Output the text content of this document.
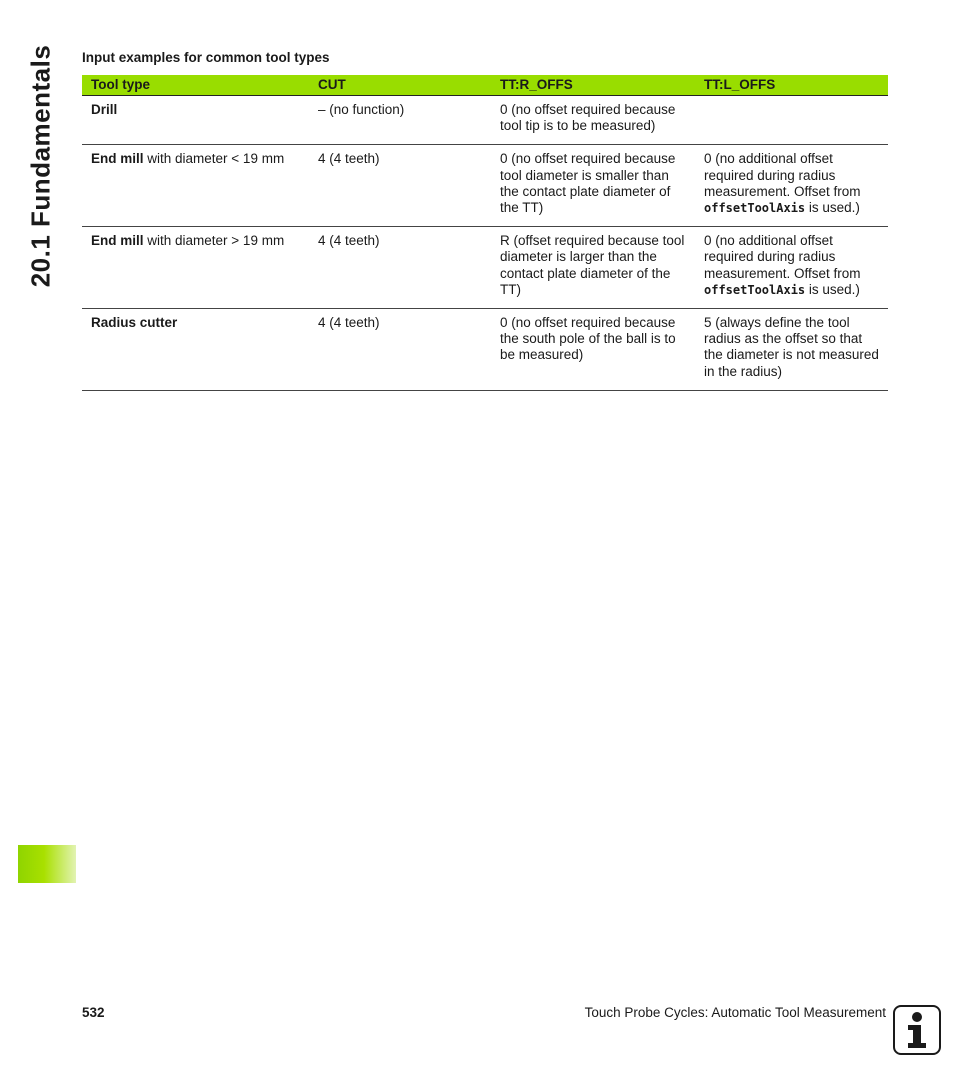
20.1 Fundamentals Input examples for common tool types
Tool type	CUT	TT:R_OFFS	TT:L_OFFS
Drill	– (no function)	0 (no offset required because tool tip is to be measured)	
End mill with diameter < 19 mm	4 (4 teeth)	0 (no offset required because tool diameter is smaller than the contact plate diameter of the TT)	0 (no additional offset required during radius measurement. Offset from offsetToolAxis is used.)
End mill with diameter > 19 mm	4 (4 teeth)	R (offset required because tool diameter is larger than the contact plate diameter of the TT)	0 (no additional offset required during radius measurement. Offset from offsetToolAxis is used.)
Radius cutter	4 (4 teeth)	0 (no offset required because the south pole of the ball is to be measured)	5 (always define the tool radius as the offset so that the diameter is not measured in the radius)
532	Touch Probe Cycles: Automatic Tool Measurement
